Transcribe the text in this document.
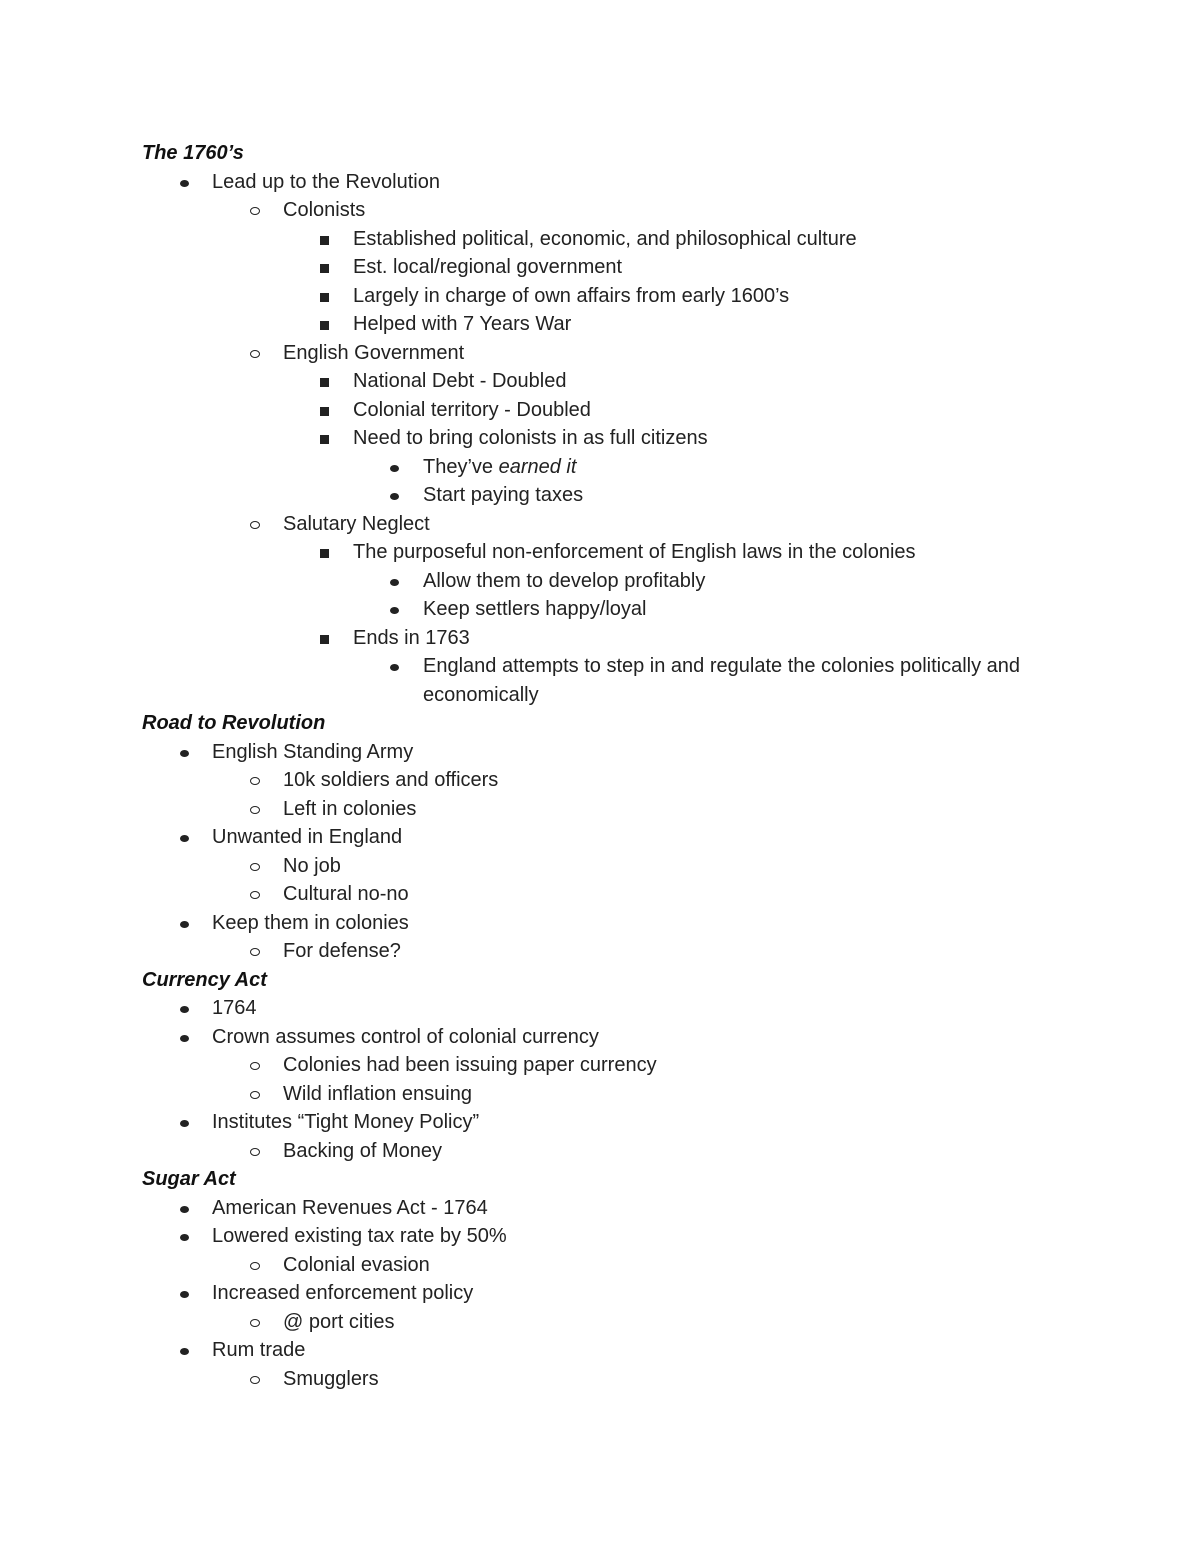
The 1760’s
Lead up to the Revolution
Colonists
Established political, economic, and philosophical culture
Est. local/regional government
Largely in charge of own affairs from early 1600’s
Helped with 7 Years War
English Government
National Debt - Doubled
Colonial territory - Doubled
Need to bring colonists in as full citizens
They’ve earned it
Start paying taxes
Salutary Neglect
The purposeful non-enforcement of English laws in the colonies
Allow them to develop profitably
Keep settlers happy/loyal
Ends in 1763
England attempts to step in and regulate the colonies politically and economically
Road to Revolution
English Standing Army
10k soldiers and officers
Left in colonies
Unwanted in England
No job
Cultural no-no
Keep them in colonies
For defense?
Currency Act
1764
Crown assumes control of colonial currency
Colonies had been issuing paper currency
Wild inflation ensuing
Institutes “Tight Money Policy”
Backing of Money
Sugar Act
American Revenues Act - 1764
Lowered existing tax rate by 50%
Colonial evasion
Increased enforcement policy
@ port cities
Rum trade
Smugglers
